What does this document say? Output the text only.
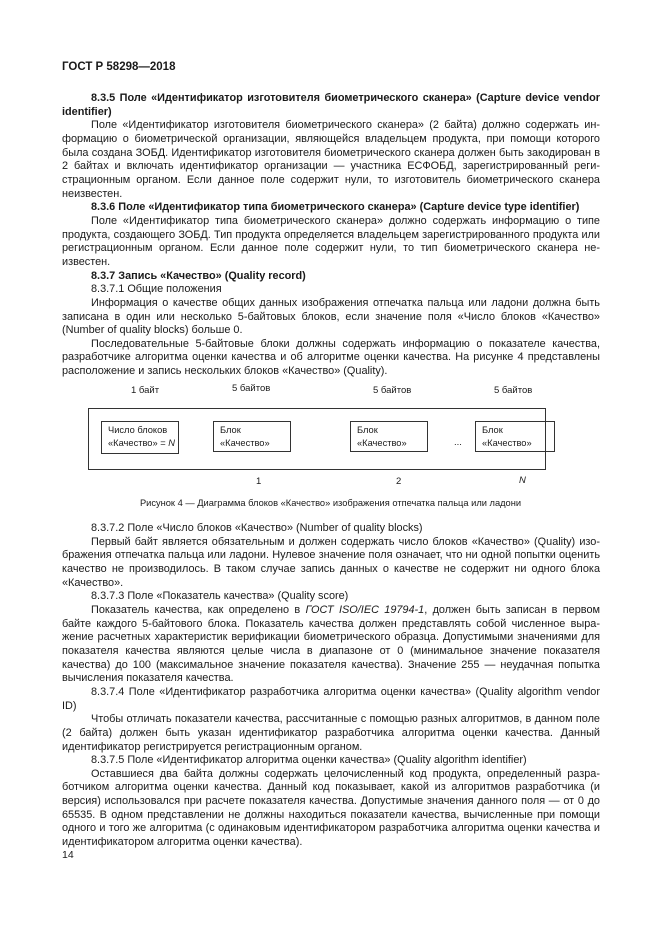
ГОСТ Р 58298—2018

8.3.5 Поле «Идентификатор изготовителя биометрического сканера» (Capture device vendor identifier)

Поле «Идентификатор изготовителя биометрического сканера» (2 байта) должно содержать информацию о биометрической организации, являющейся владельцем продукта, при помощи которого была создана ЗОБД. Идентификатор изготовителя биометрического сканера должен быть закодирован в 2 байтах и включать идентификатор организации — участника ЕСФОБД, зарегистрированный регистрационным органом. Если данное поле содержит нули, то изготовитель биометрического сканера неизвестен.

8.3.6 Поле «Идентификатор типа биометрического сканера» (Capture device type identifier)

Поле «Идентификатор типа биометрического сканера» должно содержать информацию о типе продукта, создающего ЗОБД. Тип продукта определяется владельцем зарегистрированного продукта или регистрационным органом. Если данное поле содержит нули, то тип биометрического сканера неизвестен.

8.3.7 Запись «Качество» (Quality record)

8.3.7.1 Общие положения

Информация о качестве общих данных изображения отпечатка пальца или ладони должна быть записана в один или несколько 5-байтовых блоков, если значение поля «Число блоков «Качество» (Number of quality blocks) больше 0.

Последовательные 5-байтовые блоки должны содержать информацию о показателе качества, разработчике алгоритма оценки качества и об алгоритме оценки качества. На рисунке 4 представлены расположение и запись нескольких блоков «Качество» (Quality).

1 байт	5 байтов	5 байтов	5 байтов
Число блоков
«Качество» = N
Блок «Качество»
Блок «Качество»
Блок «Качество»
...
1	2	N
Рисунок 4 — Диаграмма блоков «Качество» изображения отпечатка пальца или ладони

8.3.7.2 Поле «Число блоков «Качество» (Number of quality blocks)

Первый байт является обязательным и должен содержать число блоков «Качество» (Quality) изображения отпечатка пальца или ладони. Нулевое значение поля означает, что ни одной попытки оценить качество не производилось. В таком случае запись данных о качестве не содержит ни одного блока «Качество».

8.3.7.3 Поле «Показатель качества» (Quality score)

Показатель качества, как определено в ГОСТ ISO/IEC 19794-1, должен быть записан в первом байте каждого 5-байтового блока. Показатель качества должен представлять собой численное выражение расчетных характеристик верификации биометрического образца. Допустимыми значениями для показателя качества являются целые числа в диапазоне от 0 (минимальное значение показателя качества) до 100 (максимальное значение показателя качества). Значение 255 — неудачная попытка вычисления показателя качества.

8.3.7.4 Поле «Идентификатор разработчика алгоритма оценки качества» (Quality algorithm vendor ID)

Чтобы отличать показатели качества, рассчитанные с помощью разных алгоритмов, в данном поле (2 байта) должен быть указан идентификатор разработчика алгоритма оценки качества. Данный идентификатор регистрируется регистрационным органом.

8.3.7.5 Поле «Идентификатор алгоритма оценки качества» (Quality algorithm identifier)

Оставшиеся два байта должны содержать целочисленный код продукта, определенный разработчиком алгоритма оценки качества. Данный код показывает, какой из алгоритмов разработчика (и версия) использовался при расчете показателя качества. Допустимые значения данного поля — от 0 до 65535. В одном представлении не должны находиться показатели качества, вычисленные при помощи одного и того же алгоритма (с одинаковым идентификатором разработчика алгоритма оценки качества и идентификатором алгоритма оценки качества).

14
